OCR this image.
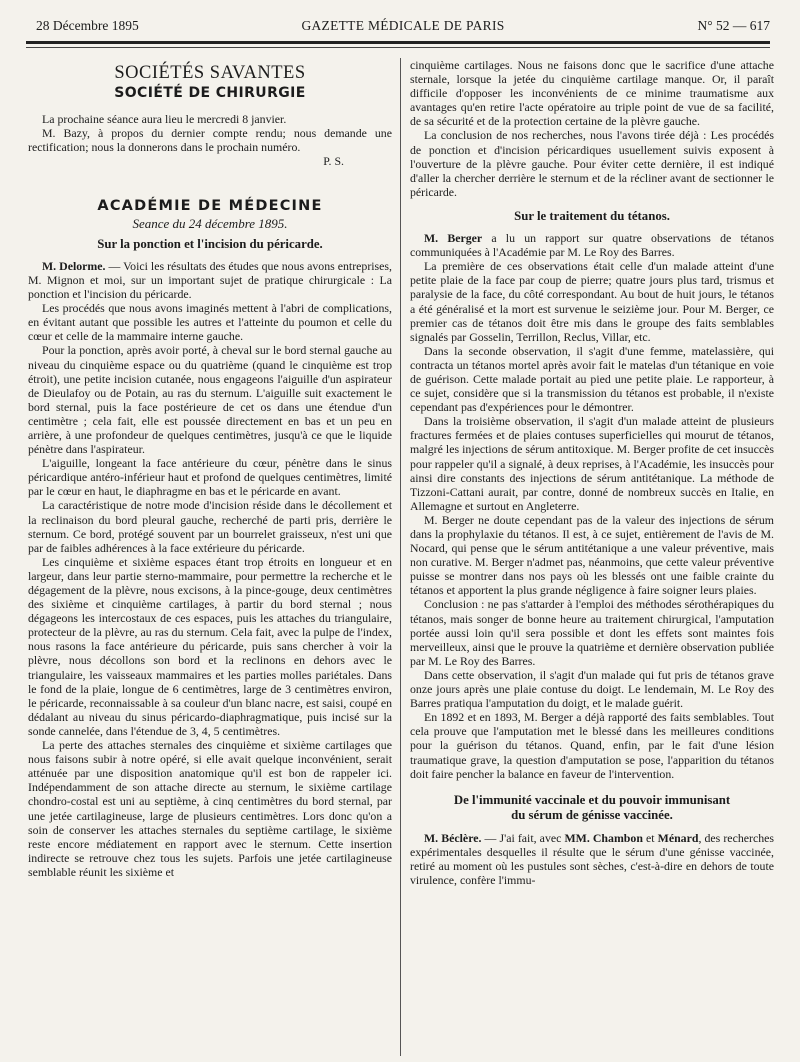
28 Décembre 1895	GAZETTE MÉDICALE DE PARIS	N° 52 — 617
SOCIÉTÉS SAVANTES
SOCIÉTÉ DE CHIRURGIE

La prochaine séance aura lieu le mercredi 8 janvier.

M. Bazy, à propos du dernier compte rendu; nous demande une rectification; nous la donnerons dans le prochain numéro.

P. S.
ACADÉMIE DE MÉDECINE
Seance du 24 décembre 1895.
Sur la ponction et l'incision du péricarde.

M. Delorme. — Voici les résultats des études que nous avons entreprises, M. Mignon et moi, sur un important sujet de pratique chirurgicale : La ponction et l'incision du péricarde.

Les procédés que nous avons imaginés mettent à l'abri de complications, en évitant autant que possible les autres et l'atteinte du poumon et celle du cœur et celle de la mammaire interne gauche.

Pour la ponction, après avoir porté, à cheval sur le bord sternal gauche au niveau du cinquième espace ou du quatrième (quand le cinquième est trop étroit), une petite incision cutanée, nous engageons l'aiguille d'un aspirateur de Dieulafoy ou de Potain, au ras du sternum. L'aiguille suit exactement le bord sternal, puis la face postérieure de cet os dans une étendue d'un centimètre ; cela fait, elle est poussée directement en bas et un peu en arrière, à une profondeur de quelques centimètres, jusqu'à ce que le liquide pénètre dans l'aspirateur.

L'aiguille, longeant la face antérieure du cœur, pénètre dans le sinus péricardique antéro-inférieur haut et profond de quelques centimètres, limité par le cœur en haut, le diaphragme en bas et le péricarde en avant.

La caractéristique de notre mode d'incision réside dans le décollement et la reclinaison du bord pleural gauche, recherché de parti pris, derrière le sternum. Ce bord, protégé souvent par un bourrelet graisseux, n'est uni que par de faibles adhérences à la face extérieure du péricarde.

Les cinquième et sixième espaces étant trop étroits en longueur et en largeur, dans leur partie sterno-mammaire, pour permettre la recherche et le dégagement de la plèvre, nous excisons, à la pince-gouge, deux centimètres des sixième et cinquième cartilages, à partir du bord sternal ; nous dégageons les intercostaux de ces espaces, puis les attaches du triangulaire, protecteur de la plèvre, au ras du sternum. Cela fait, avec la pulpe de l'index, nous rasons la face antérieure du péricarde, puis sans chercher à voir la plèvre, nous décollons son bord et la reclinons en dehors avec le triangulaire, les vaisseaux mammaires et les parties molles pariétales. Dans le fond de la plaie, longue de 6 centimètres, large de 3 centimètres environ, le péricarde, reconnaissable à sa couleur d'un blanc nacre, est saisi, coupé en dédalant au niveau du sinus péricardo-diaphragmatique, puis incisé sur la sonde cannelée, dans l'étendue de 3, 4, 5 centimètres.

La perte des attaches sternales des cinquième et sixième cartilages que nous faisons subir à notre opéré, si elle avait quelque inconvénient, serait atténuée par une disposition anatomique qu'il est bon de rappeler ici. Indépendamment de son attache directe au sternum, le sixième cartilage chondro-costal est uni au septième, à cinq centimètres du bord sternal, par une jetée cartilagineuse, large de plusieurs centimètres. Lors donc qu'on a soin de conserver les attaches sternales du septième cartilage, le sixième reste encore médiatement en rapport avec le sternum. Cette insertion indirecte se retrouve chez tous les sujets. Parfois une jetée cartilagineuse semblable réunit les sixième et

cinquième cartilages. Nous ne faisons donc que le sacrifice d'une attache sternale, lorsque la jetée du cinquième cartilage manque. Or, il paraît difficile d'opposer les inconvénients de ce minime traumatisme aux avantages qu'en retire l'acte opératoire au triple point de vue de sa facilité, de sa sécurité et de la protection certaine de la plèvre gauche.

La conclusion de nos recherches, nous l'avons tirée déjà : Les procédés de ponction et d'incision péricardiques usuellement suivis exposent à l'ouverture de la plèvre gauche. Pour éviter cette dernière, il est indiqué d'aller la chercher derrière le sternum et de la récliner avant de sectionner le péricarde.

Sur le traitement du tétanos.

M. Berger a lu un rapport sur quatre observations de tétanos communiquées à l'Académie par M. Le Roy des Barres.

La première de ces observations était celle d'un malade atteint d'une petite plaie de la face par coup de pierre; quatre jours plus tard, trismus et paralysie de la face, du côté correspondant. Au bout de huit jours, le tétanos a été généralisé et la mort est survenue le seizième jour. Pour M. Berger, ce premier cas de tétanos doit être mis dans le groupe des faits semblables signalés par Gosselin, Terrillon, Reclus, Villar, etc.

Dans la seconde observation, il s'agit d'une femme, matelassière, qui contracta un tétanos mortel après avoir fait le matelas d'un tétanique en voie de guérison. Cette malade portait au pied une petite plaie. Le rapporteur, à ce sujet, considère que si la transmission du tétanos est probable, il n'existe cependant pas d'expériences pour le démontrer.

Dans la troisième observation, il s'agit d'un malade atteint de plusieurs fractures fermées et de plaies contuses superficielles qui mourut de tétanos, malgré les injections de sérum antitoxique. M. Berger profite de cet insuccès pour rappeler qu'il a signalé, à deux reprises, à l'Académie, les insuccès pour ainsi dire constants des injections de sérum antitétanique. La méthode de Tizzoni-Cattani aurait, par contre, donné de nombreux succès en Italie, en Allemagne et surtout en Angleterre.

M. Berger ne doute cependant pas de la valeur des injections de sérum dans la prophylaxie du tétanos. Il est, à ce sujet, entièrement de l'avis de M. Nocard, qui pense que le sérum antitétanique a une valeur préventive, mais non curative. M. Berger n'admet pas, néanmoins, que cette valeur préventive puisse se montrer dans nos pays où les blessés ont une faible crainte du tétanos et apportent la plus grande négligence à faire soigner leurs plaies.

Conclusion : ne pas s'attarder à l'emploi des méthodes sérothérapiques du tétanos, mais songer de bonne heure au traitement chirurgical, l'amputation portée aussi loin qu'il sera possible et dont les effets sont maintes fois merveilleux, ainsi que le prouve la quatrième et dernière observation publiée par M. Le Roy des Barres.

Dans cette observation, il s'agit d'un malade qui fut pris de tétanos grave onze jours après une plaie contuse du doigt. Le lendemain, M. Le Roy des Barres pratiqua l'amputation du doigt, et le malade guérit.

En 1892 et en 1893, M. Berger a déjà rapporté des faits semblables. Tout cela prouve que l'amputation met le blessé dans les meilleures conditions pour la guérison du tétanos. Quand, enfin, par le fait d'une lésion traumatique grave, la question d'amputation se pose, l'apparition du tétanos doit faire pencher la balance en faveur de l'intervention.

De l'immunité vaccinale et du pouvoir immunisant
du sérum de génisse vaccinée.

M. Béclère. — J'ai fait, avec MM. Chambon et Ménard, des recherches expérimentales desquelles il résulte que le sérum d'une génisse vaccinée, retiré au moment où les pustules sont sèches, c'est-à-dire en dehors de toute virulence, confère l'immu-
